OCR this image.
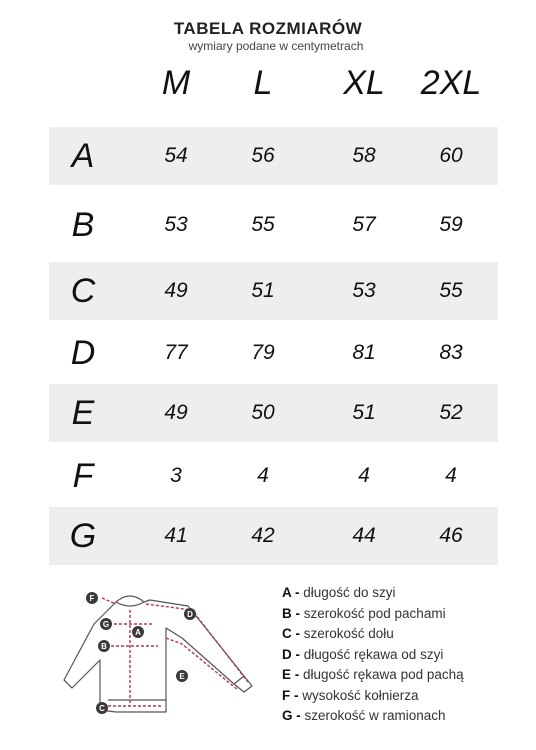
TABELA ROZMIARÓW
wymiary podane w centymetrach
M	L	XL	2XL
A	54	56	58	60
B	53	55	57	59
C	49	51	53	55
D	77	79	81	83
E	49	50	51	52
F	3	4	4	4
G	41	42	44	46
F
G
A
B
C
D
E
A - długość do szyi
B - szerokość pod pachami
C - szerokość dołu
D - długość rękawa od szyi
E - długość rękawa pod pachą
F - wysokość kołnierza
G - szerokość w ramionach
